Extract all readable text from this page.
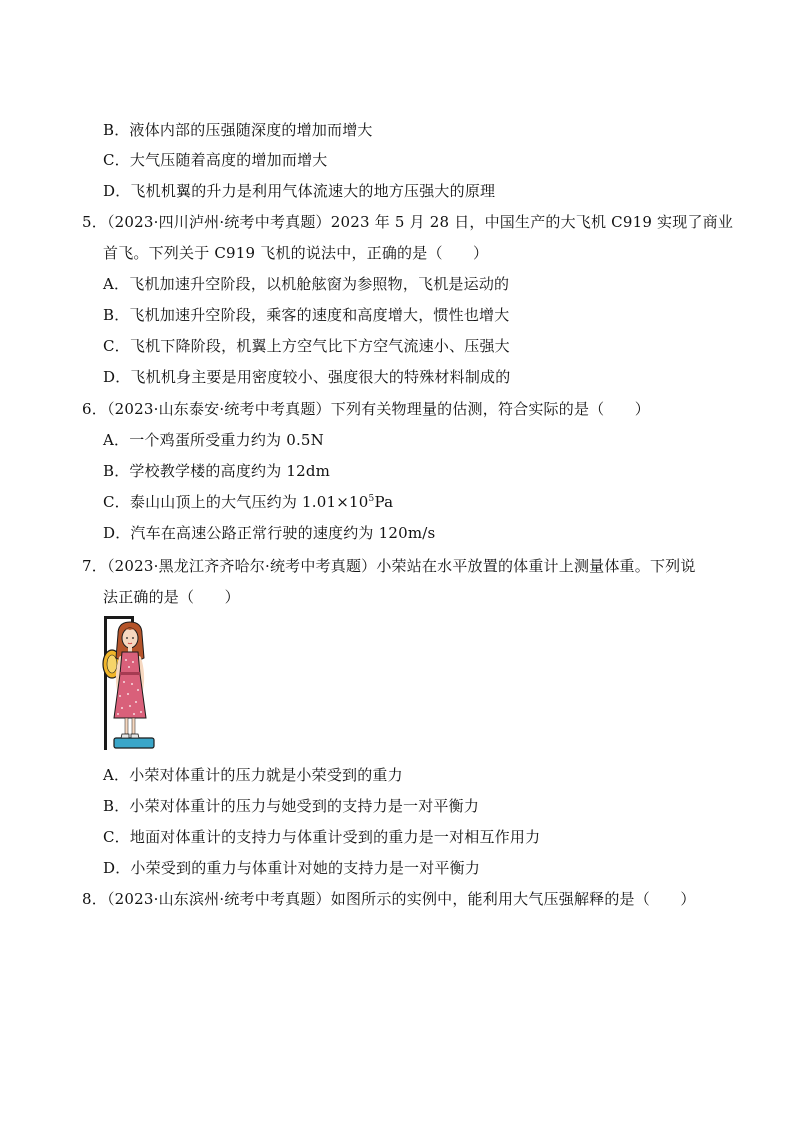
B．液体内部的压强随深度的增加而增大
C．大气压随着高度的增加而增大
D．飞机机翼的升力是利用气体流速大的地方压强大的原理
5．（2023·四川泸州·统考中考真题）2023 年 5 月 28 日，中国生产的大飞机 C919 实现了商业
首飞。下列关于 C919 飞机的说法中，正确的是（　　）
A．飞机加速升空阶段，以机舱舷窗为参照物，飞机是运动的
B．飞机加速升空阶段，乘客的速度和高度增大，惯性也增大
C．飞机下降阶段，机翼上方空气比下方空气流速小、压强大
D．飞机机身主要是用密度较小、强度很大的特殊材料制成的
6．（2023·山东泰安·统考中考真题）下列有关物理量的估测，符合实际的是（　　）
A．一个鸡蛋所受重力约为 0.5N
B．学校教学楼的高度约为 12dm
C．泰山山顶上的大气压约为 $1.01\times 10^5Pa$
D．汽车在高速公路正常行驶的速度约为 120m/s
7．（2023·黑龙江齐齐哈尔·统考中考真题）小荣站在水平放置的体重计上测量体重。下列说
法正确的是（　　）
A．小荣对体重计的压力就是小荣受到的重力
B．小荣对体重计的压力与她受到的支持力是一对平衡力
C．地面对体重计的支持力与体重计受到的重力是一对相互作用力
D．小荣受到的重力与体重计对她的支持力是一对平衡力
8．（2023·山东滨州·统考中考真题）如图所示的实例中，能利用大气压强解释的是（　　）
